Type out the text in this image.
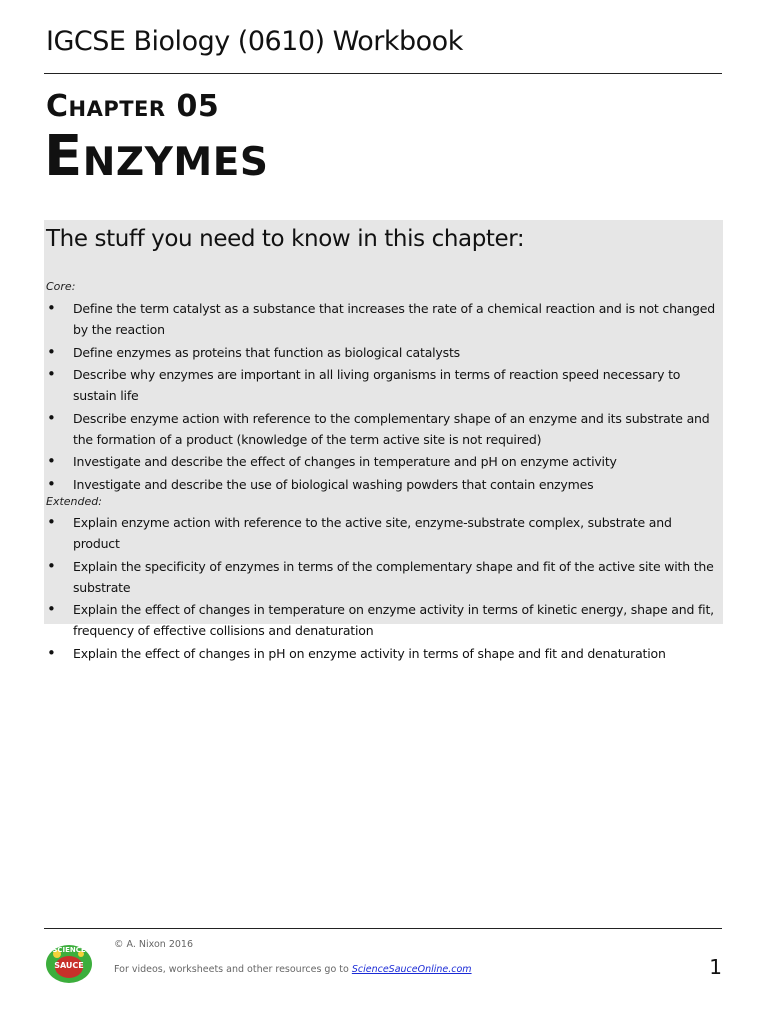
IGCSE Biology (0610) Workbook
Chapter 05
Enzymes
The stuff you need to know in this chapter:
Core:
• Define the term catalyst as a substance that increases the rate of a chemical reaction and is not changed by the reaction
• Define enzymes as proteins that function as biological catalysts
• Describe why enzymes are important in all living organisms in terms of reaction speed necessary to sustain life
• Describe enzyme action with reference to the complementary shape of an enzyme and its substrate and the formation of a product (knowledge of the term active site is not required)
• Investigate and describe the effect of changes in temperature and pH on enzyme activity
• Investigate and describe the use of biological washing powders that contain enzymes
Extended:
• Explain enzyme action with reference to the active site, enzyme-substrate complex, substrate and product
• Explain the specificity of enzymes in terms of the complementary shape and fit of the active site with the substrate
• Explain the effect of changes in temperature on enzyme activity in terms of kinetic energy, shape and fit, frequency of effective collisions and denaturation
• Explain the effect of changes in pH on enzyme activity in terms of shape and fit and denaturation
SCIENCE
SAUCE
© A. Nixon 2016
For videos, worksheets and other resources go to ScienceSauceOnline.com	1
